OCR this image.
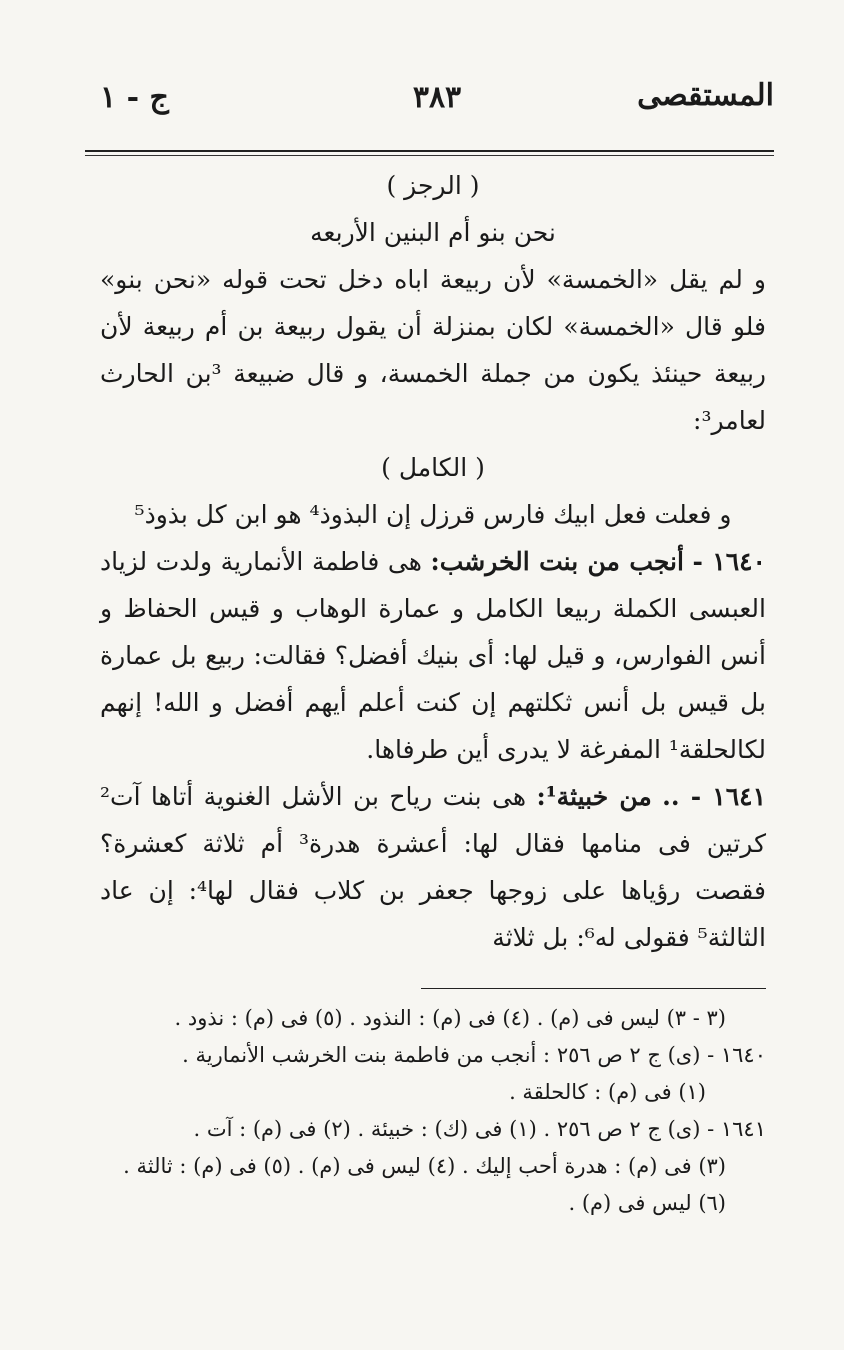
المستقصى
٣٨٣
ج - ١

( الرجز )

نحن بنو أم البنين الأربعه

و لم يقل «الخمسة» لأن ربيعة اباه دخل تحت قوله «نحن بنو» فلو قال «الخمسة» لكان بمنزلة أن يقول ربيعة بن أم ربيعة لأن ربيعة حينئذ يكون من جملة الخمسة، و قال ضبيعة ³بن الحارث لعامر³:

( الكامل )

و فعلت فعل ابيك فارس قرزل إن البذوذ⁴ هو ابن كل بذوذ⁵

١٦٤٠ - أنجب من بنت الخرشب: هى فاطمة الأنمارية ولدت لزياد العبسى الكملة ربيعا الكامل و عمارة الوهاب و قيس الحفاظ و أنس الفوارس، و قيل لها: أى بنيك أفضل؟ فقالت: ربيع بل عمارة بل قيس بل أنس ثكلتهم إن كنت أعلم أيهم أفضل و الله! إنهم لكالحلقة¹ المفرغة لا يدرى أين طرفاها.

١٦٤١ - .. من خبيثة¹: هى بنت رياح بن الأشل الغنوية أتاها آت² كرتين فى منامها فقال لها: أعشرة هدرة³ أم ثلاثة كعشرة؟ فقصت رؤياها على زوجها جعفر بن كلاب فقال لها⁴: إن عاد الثالثة⁵ فقولى له⁶: بل ثلاثة

(٣ - ٣) ليس فى (م) . (٤) فى (م) : النذود . (٥) فى (م) : نذود .

١٦٤٠ - (ى) ج ٢ ص ٢٥٦ : أنجب من فاطمة بنت الخرشب الأنمارية .

(١) فى (م) : كالحلقة .

١٦٤١ - (ى) ج ٢ ص ٢٥٦ . (١) فى (ك) : خبيئة . (٢) فى (م) : آت .

(٣) فى (م) : هدرة أحب إليك . (٤) ليس فى (م) . (٥) فى (م) : ثالثة .

(٦) ليس فى (م) .
